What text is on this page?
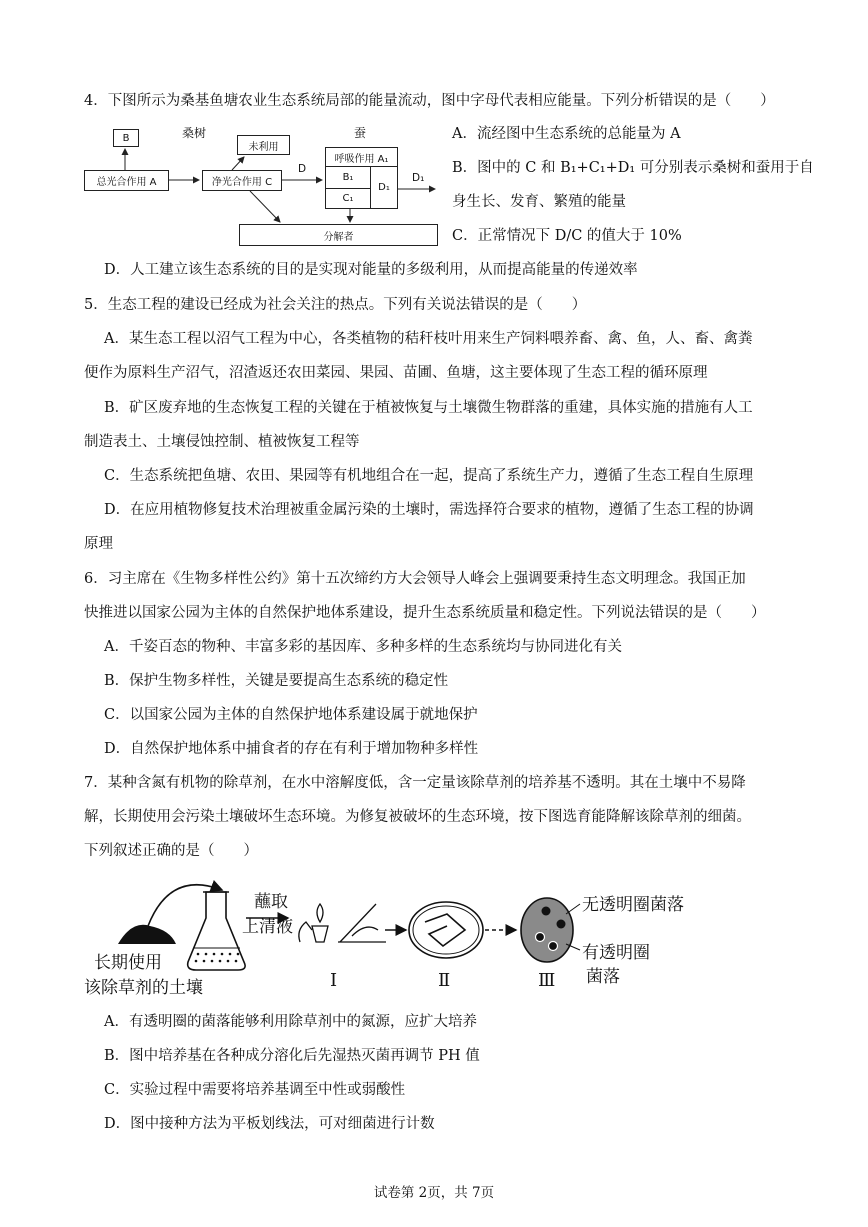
4．下图所示为桑基鱼塘农业生态系统局部的能量流动，图中字母代表相应能量。下列分析错误的是（　　）
桑树	蚕
B
总光合作用 A	净光合作用 C
未利用
D
呼吸作用 A₁
B₁
C₁
D₁
D₁
分解者
A．流经图中生态系统的总能量为 A
B．图中的 C 和 B₁+C₁+D₁ 可分别表示桑树和蚕用于自
身生长、发育、繁殖的能量
C．正常情况下 D/C 的值大于 10%
D．人工建立该生态系统的目的是实现对能量的多级利用，从而提高能量的传递效率
5．生态工程的建设已经成为社会关注的热点。下列有关说法错误的是（　　）
A．某生态工程以沼气工程为中心，各类植物的秸秆枝叶用来生产饲料喂养畜、禽、鱼，人、畜、禽粪
便作为原料生产沼气，沼渣返还农田菜园、果园、苗圃、鱼塘，这主要体现了生态工程的循环原理
B．矿区废弃地的生态恢复工程的关键在于植被恢复与土壤微生物群落的重建，具体实施的措施有人工
制造表土、土壤侵蚀控制、植被恢复工程等
C．生态系统把鱼塘、农田、果园等有机地组合在一起，提高了系统生产力，遵循了生态工程自生原理
D．在应用植物修复技术治理被重金属污染的土壤时，需选择符合要求的植物，遵循了生态工程的协调
原理
6．习主席在《生物多样性公约》第十五次缔约方大会领导人峰会上强调要秉持生态文明理念。我国正加
快推进以国家公园为主体的自然保护地体系建设，提升生态系统质量和稳定性。下列说法错误的是（　　）
A．千姿百态的物种、丰富多彩的基因库、多种多样的生态系统均与协同进化有关
B．保护生物多样性，关键是要提高生态系统的稳定性
C．以国家公园为主体的自然保护地体系建设属于就地保护
D．自然保护地体系中捕食者的存在有利于增加物种多样性
7．某种含氮有机物的除草剂，在水中溶解度低，含一定量该除草剂的培养基不透明。其在土壤中不易降
解，长期使用会污染土壤破坏生态环境。为修复被破坏的生态环境，按下图选育能降解该除草剂的细菌。
下列叙述正确的是（　　）
长期使用
该除草剂的土壤
蘸取
上清液
Ⅰ	Ⅱ	Ⅲ
无透明圈菌落
有透明圈
菌落
A．有透明圈的菌落能够利用除草剂中的氮源，应扩大培养
B．图中培养基在各种成分溶化后先湿热灭菌再调节 PH 值
C．实验过程中需要将培养基调至中性或弱酸性
D．图中接种方法为平板划线法，可对细菌进行计数
试卷第 2页，共 7页
